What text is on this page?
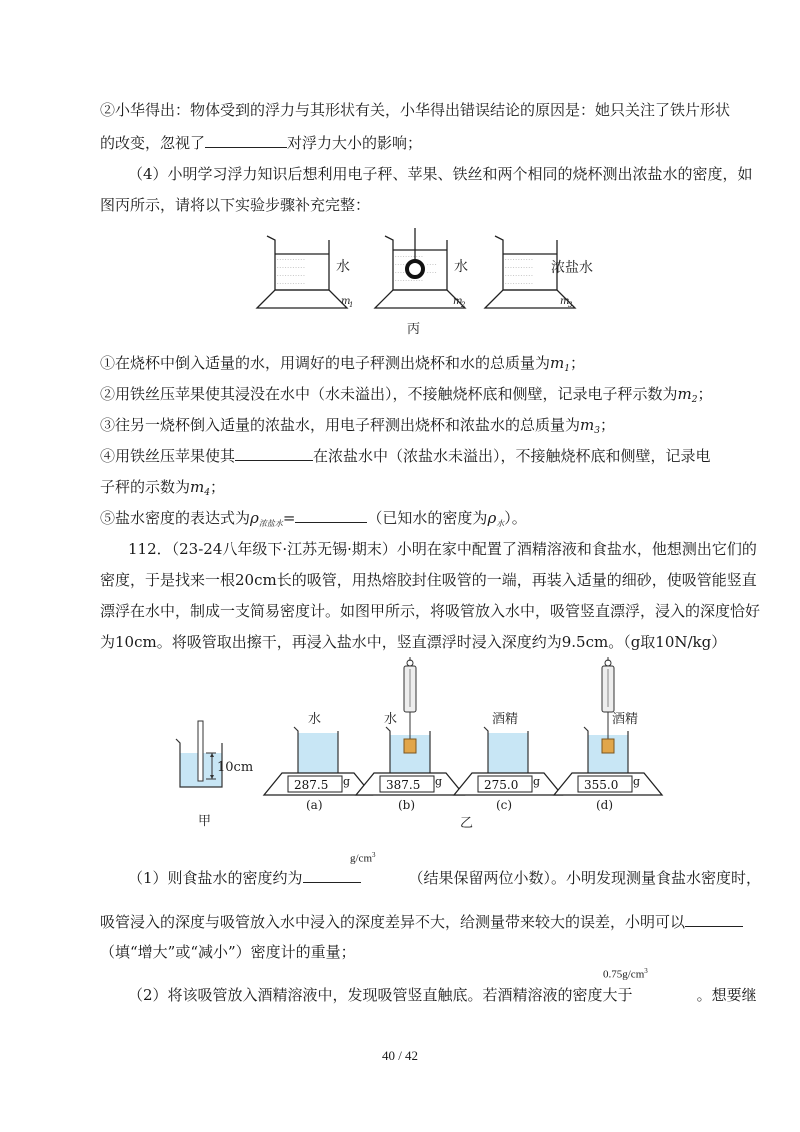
②小华得出：物体受到的浮力与其形状有关，小华得出错误结论的原因是：她只关注了铁片形状
的改变，忽视了	对浮力大小的影响；
（4）小明学习浮力知识后想利用电子秤、苹果、铁丝和两个相同的烧杯测出浓盐水的密度，如
图丙所示，请将以下实验步骤补充完整：
- - - - - - - - - - -
- - - - - - - - - - -
- - - - - - - - - - -
- - - - - - - - - - -
水
m
1
- - - - - - - - - - -
- - - - -	- - - -
- - - - -	- - - -
- - - - - - - - - - -
水
m
2
- - - - - - - - - - -
- - - - - - - - - - -
- - - - - - - - - - -
- - - - - - - - - - -
浓盐水
m
3
丙
①在烧杯中倒入适量的水，用调好的电子秤测出烧杯和水的总质量为$m_1$；
②用铁丝压苹果使其浸没在水中（水未溢出），不接触烧杯底和侧壁，记录电子秤示数为$m_2$；
③往另一烧杯倒入适量的浓盐水，用电子秤测出烧杯和浓盐水的总质量为$m_3$；
④用铁丝压苹果使其	在浓盐水中（浓盐水未溢出），不接触烧杯底和侧壁，记录电
子秤的示数为$m_4$；
⑤盐水密度的表达式为$\rho_{浓盐水}=$	（已知水的密度为$\rho_水$）。
112．（23-24八年级下·江苏无锡·期末）小明在家中配置了酒精溶液和食盐水，他想测出它们的
密度，于是找来一根20cm长的吸管，用热熔胶封住吸管的一端，再装入适量的细砂，使吸管能竖直
漂浮在水中，制成一支简易密度计。如图甲所示，将吸管放入水中，吸管竖直漂浮，浸入的深度恰好
为10cm。将吸管取出擦干，再浸入盐水中，竖直漂浮时浸入深度约为9.5cm。（g取10N/kg）
10cm
甲
287.5 g
水
(a)
387.5 g
水
(b)
275.0 g
酒精
(c)
355.0 g
酒精
(d)
乙
（1）则食盐水的密度约为	（结果保留两位小数）。小明发现测量食盐水密度时，
$g/cm^3$
吸管浸入的深度与吸管放入水中浸入的深度差异不大，给测量带来较大的误差，小明可以
（填“增大”或“减小”）密度计的重量；
（2）将该吸管放入酒精溶液中，发现吸管竖直触底。若酒精溶液的密度大于	。想要继
$0.75g/cm^3$
40 / 42
